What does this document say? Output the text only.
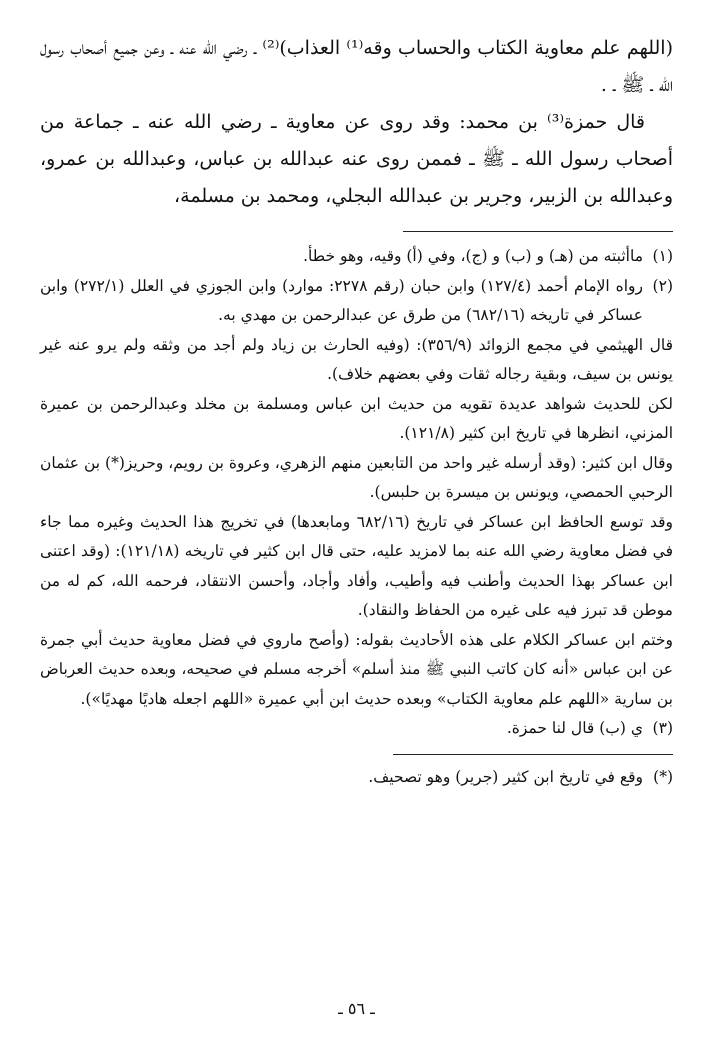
(اللهم علم معاوية الكتاب والحساب وقه⁽¹⁾ العذاب)⁽²⁾ ـ رضي الله عنه ـ وعن جميع أصحاب رسول الله ـ ﷺ ـ .

قال حمزة⁽³⁾ بن محمد: وقد روى عن معاوية ـ رضي الله عنه ـ جماعة من أصحاب رسول الله ـ ﷺ ـ فممن روى عنه عبدالله بن عباس، وعبدالله بن عمرو، وعبدالله بن الزبير، وجرير بن عبدالله البجلي، ومحمد بن مسلمة،

(١)

ماأثبته من (هـ) و (ب) و (ج)، وفي (أ) وقيه، وهو خطأ.

(٢)

رواه الإمام أحمد (١٢٧/٤) وابن حبان (رقم ٢٢٧٨: موارد) وابن الجوزي في العلل (٢٧٢/١) وابن عساكر في تاريخه (٦٨٢/١٦) من طرق عن عبدالرحمن بن مهدي به.

قال الهيثمي في مجمع الزوائد (٣٥٦/٩): (وفيه الحارث بن زياد ولم أجد من وثقه ولم يرو عنه غير يونس بن سيف، وبقية رجاله ثقات وفي بعضهم خلاف).

لكن للحديث شواهد عديدة تقويه من حديث ابن عباس ومسلمة بن مخلد وعبدالرحمن بن عميرة المزني، انظرها في تاريخ ابن كثير (١٢١/٨).

وقال ابن كثير: (وقد أرسله غير واحد من التابعين منهم الزهري، وعروة بن رويم، وحريز(*) بن عثمان الرحبي الحمصي، ويونس بن ميسرة بن حلبس).

وقد توسع الحافظ ابن عساكر في تاريخ (٦٨٢/١٦ ومابعدها) في تخريج هذا الحديث وغيره مما جاء في فضل معاوية رضي الله عنه بما لامزيد عليه، حتى قال ابن كثير في تاريخه (١٢١/١٨): (وقد اعتنى ابن عساكر بهذا الحديث وأطنب فيه وأطيب، وأفاد وأجاد، وأحسن الانتقاد، فرحمه الله، كم له من موطن قد تبرز فيه على غيره من الحفاظ والنقاد).

وختم ابن عساكر الكلام على هذه الأحاديث بقوله: (وأصح ماروي في فضل معاوية حديث أبي جمرة عن ابن عباس «أنه كان كاتب النبي ﷺ منذ أسلم» أخرجه مسلم في صحيحه، وبعده حديث العرباض بن سارية «اللهم علم معاوية الكتاب» وبعده حديث ابن أبي عميرة «اللهم اجعله هاديًا مهديًا»).

(٣)

ي (ب) قال لنا حمزة.

(*)

وقع في تاريخ ابن كثير (جرير) وهو تصحيف.

ـ ٥٦ ـ
